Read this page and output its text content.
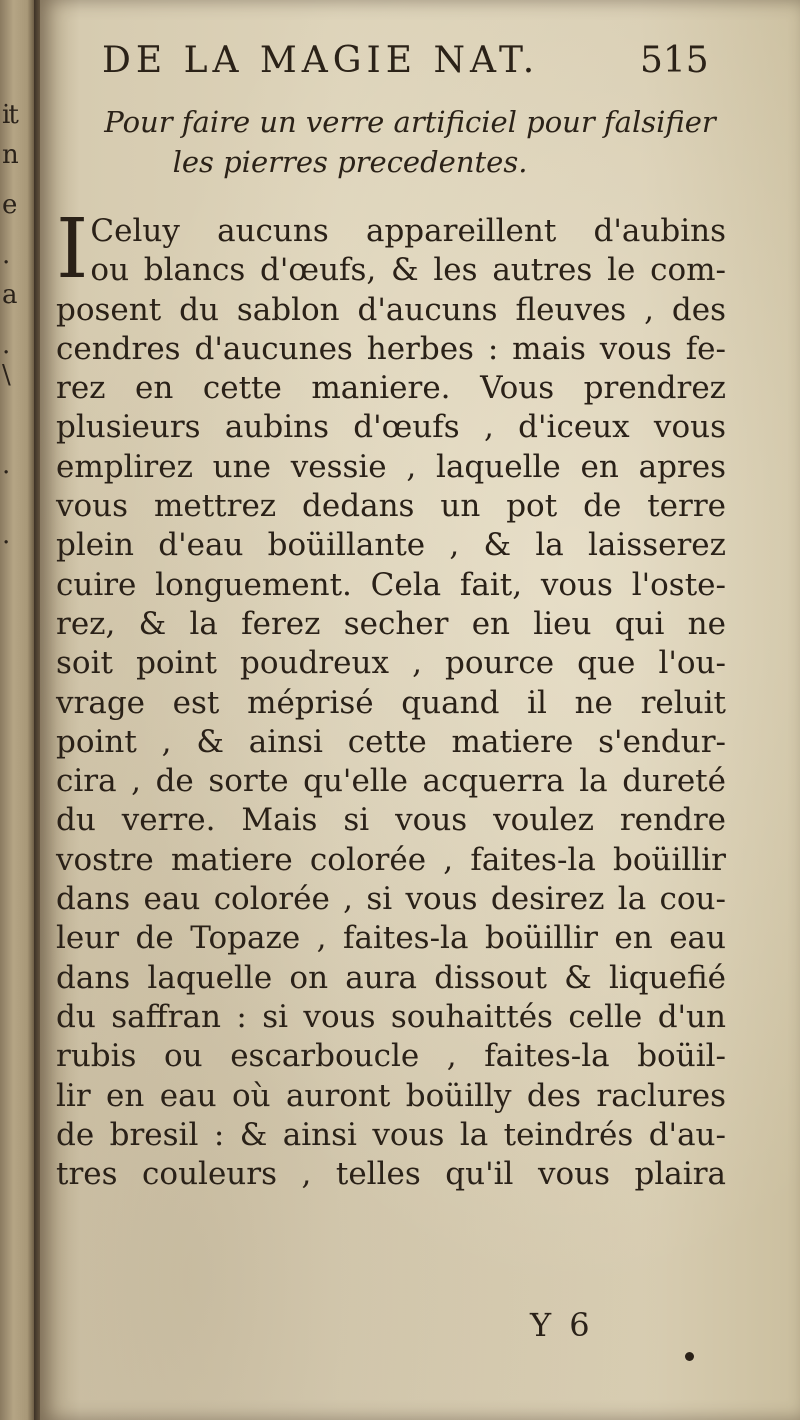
it
n
e
.
a
.
\
.
.
DE LA MAGIE NAT.	515
Pour faire un verre artificiel pour falsifier
les pierres precedentes.
I Celuy aucuns appareillent d'aubins
ou blancs d'œufs, & les autres le com-
posent du sablon d'aucuns fleuves , des
cendres d'aucunes herbes : mais vous fe-
rez en cette maniere. Vous prendrez
plusieurs aubins d'œufs , d'iceux vous
emplirez une vessie , laquelle en apres
vous mettrez dedans un pot de terre
plein d'eau boüillante , & la laisserez
cuire longuement. Cela fait, vous l'oste-
rez, & la ferez secher en lieu qui ne
soit point poudreux , pource que l'ou-
vrage est méprisé quand il ne reluit
point , & ainsi cette matiere s'endur-
cira , de sorte qu'elle acquerra la dureté
du verre. Mais si vous voulez rendre
vostre matiere colorée , faites-la boüillir
dans eau colorée , si vous desirez la cou-
leur de Topaze , faites-la boüillir en eau
dans laquelle on aura dissout & liquefié
du saffran : si vous souhaittés celle d'un
rubis ou escarboucle , faites-la boüil-
lir en eau où auront boüilly des raclures
de bresil : & ainsi vous la teindrés d'au-
tres couleurs , telles qu'il vous plaira
Y 6
